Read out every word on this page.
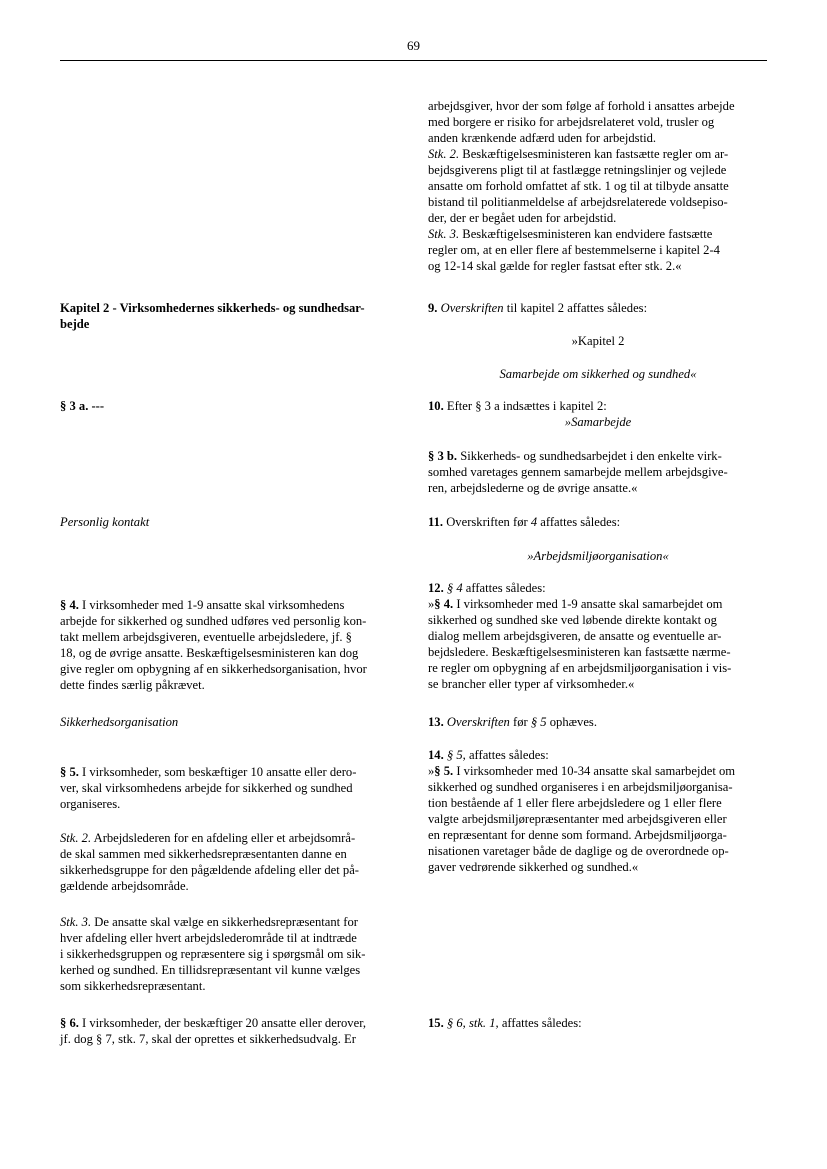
69

arbejdsgiver, hvor der som følge af forhold i ansattes arbejde

med borgere er risiko for arbejdsrelateret vold, trusler og

anden krænkende adfærd uden for arbejdstid.

Stk. 2. Beskæftigelsesministeren kan fastsætte regler om ar-

bejdsgiverens pligt til at fastlægge retningslinjer og vejlede

ansatte om forhold omfattet af stk. 1 og til at tilbyde ansatte

bistand til politianmeldelse af arbejdsrelaterede voldsepiso-

der, der er begået uden for arbejdstid.

Stk. 3. Beskæftigelsesministeren kan endvidere fastsætte

regler om, at en eller flere af bestemmelserne i kapitel 2-4

og 12-14 skal gælde for regler fastsat efter stk. 2.«

9. Overskriften til kapitel 2 affattes således:

»Kapitel 2
Samarbejde om sikkerhed og sundhed«

10. Efter § 3 a indsættes i kapitel 2:

»Samarbejde

§ 3 b. Sikkerheds- og sundhedsarbejdet i den enkelte virk-

somhed varetages gennem samarbejde mellem arbejdsgive-

ren, arbejdslederne og de øvrige ansatte.«

11. Overskriften før 4 affattes således:

»Arbejdsmiljøorganisation«

12. § 4 affattes således:

»§ 4. I virksomheder med 1-9 ansatte skal samarbejdet om

sikkerhed og sundhed ske ved løbende direkte kontakt og

dialog mellem arbejdsgiveren, de ansatte og eventuelle ar-

bejdsledere. Beskæftigelsesministeren kan fastsætte nærme-

re regler om opbygning af en arbejdsmiljøorganisation i vis-

se brancher eller typer af virksomheder.«

13. Overskriften før § 5 ophæves.

14. § 5, affattes således:

»§ 5. I virksomheder med 10-34 ansatte skal samarbejdet om

sikkerhed og sundhed organiseres i en arbejdsmiljøorganisa-

tion bestående af 1 eller flere arbejdsledere og 1 eller flere

valgte arbejdsmiljørepræsentanter med arbejdsgiveren eller

en repræsentant for denne som formand. Arbejdsmiljøorga-

nisationen varetager både de daglige og de overordnede op-

gaver vedrørende sikkerhed og sundhed.«

15. § 6, stk. 1, affattes således:

Kapitel 2 - Virksomhedernes sikkerheds- og sundhedsar-

bejde

§ 3 a. ---
Personlig kontakt

§ 4. I virksomheder med 1-9 ansatte skal virksomhedens

arbejde for sikkerhed og sundhed udføres ved personlig kon-

takt mellem arbejdsgiveren, eventuelle arbejdsledere, jf. §

18, og de øvrige ansatte. Beskæftigelsesministeren kan dog

give regler om opbygning af en sikkerhedsorganisation, hvor

dette findes særlig påkrævet.

Sikkerhedsorganisation

§ 5. I virksomheder, som beskæftiger 10 ansatte eller dero-

ver, skal virksomhedens arbejde for sikkerhed og sundhed

organiseres.

Stk. 2. Arbejdslederen for en afdeling eller et arbejdsområ-

de skal sammen med sikkerhedsrepræsentanten danne en

sikkerhedsgruppe for den pågældende afdeling eller det på-

gældende arbejdsområde.

Stk. 3. De ansatte skal vælge en sikkerhedsrepræsentant for

hver afdeling eller hvert arbejdslederområde til at indtræde

i sikkerhedsgruppen og repræsentere sig i spørgsmål om sik-

kerhed og sundhed. En tillidsrepræsentant vil kunne vælges

som sikkerhedsrepræsentant.

§ 6. I virksomheder, der beskæftiger 20 ansatte eller derover,

jf. dog § 7, stk. 7, skal der oprettes et sikkerhedsudvalg. Er
